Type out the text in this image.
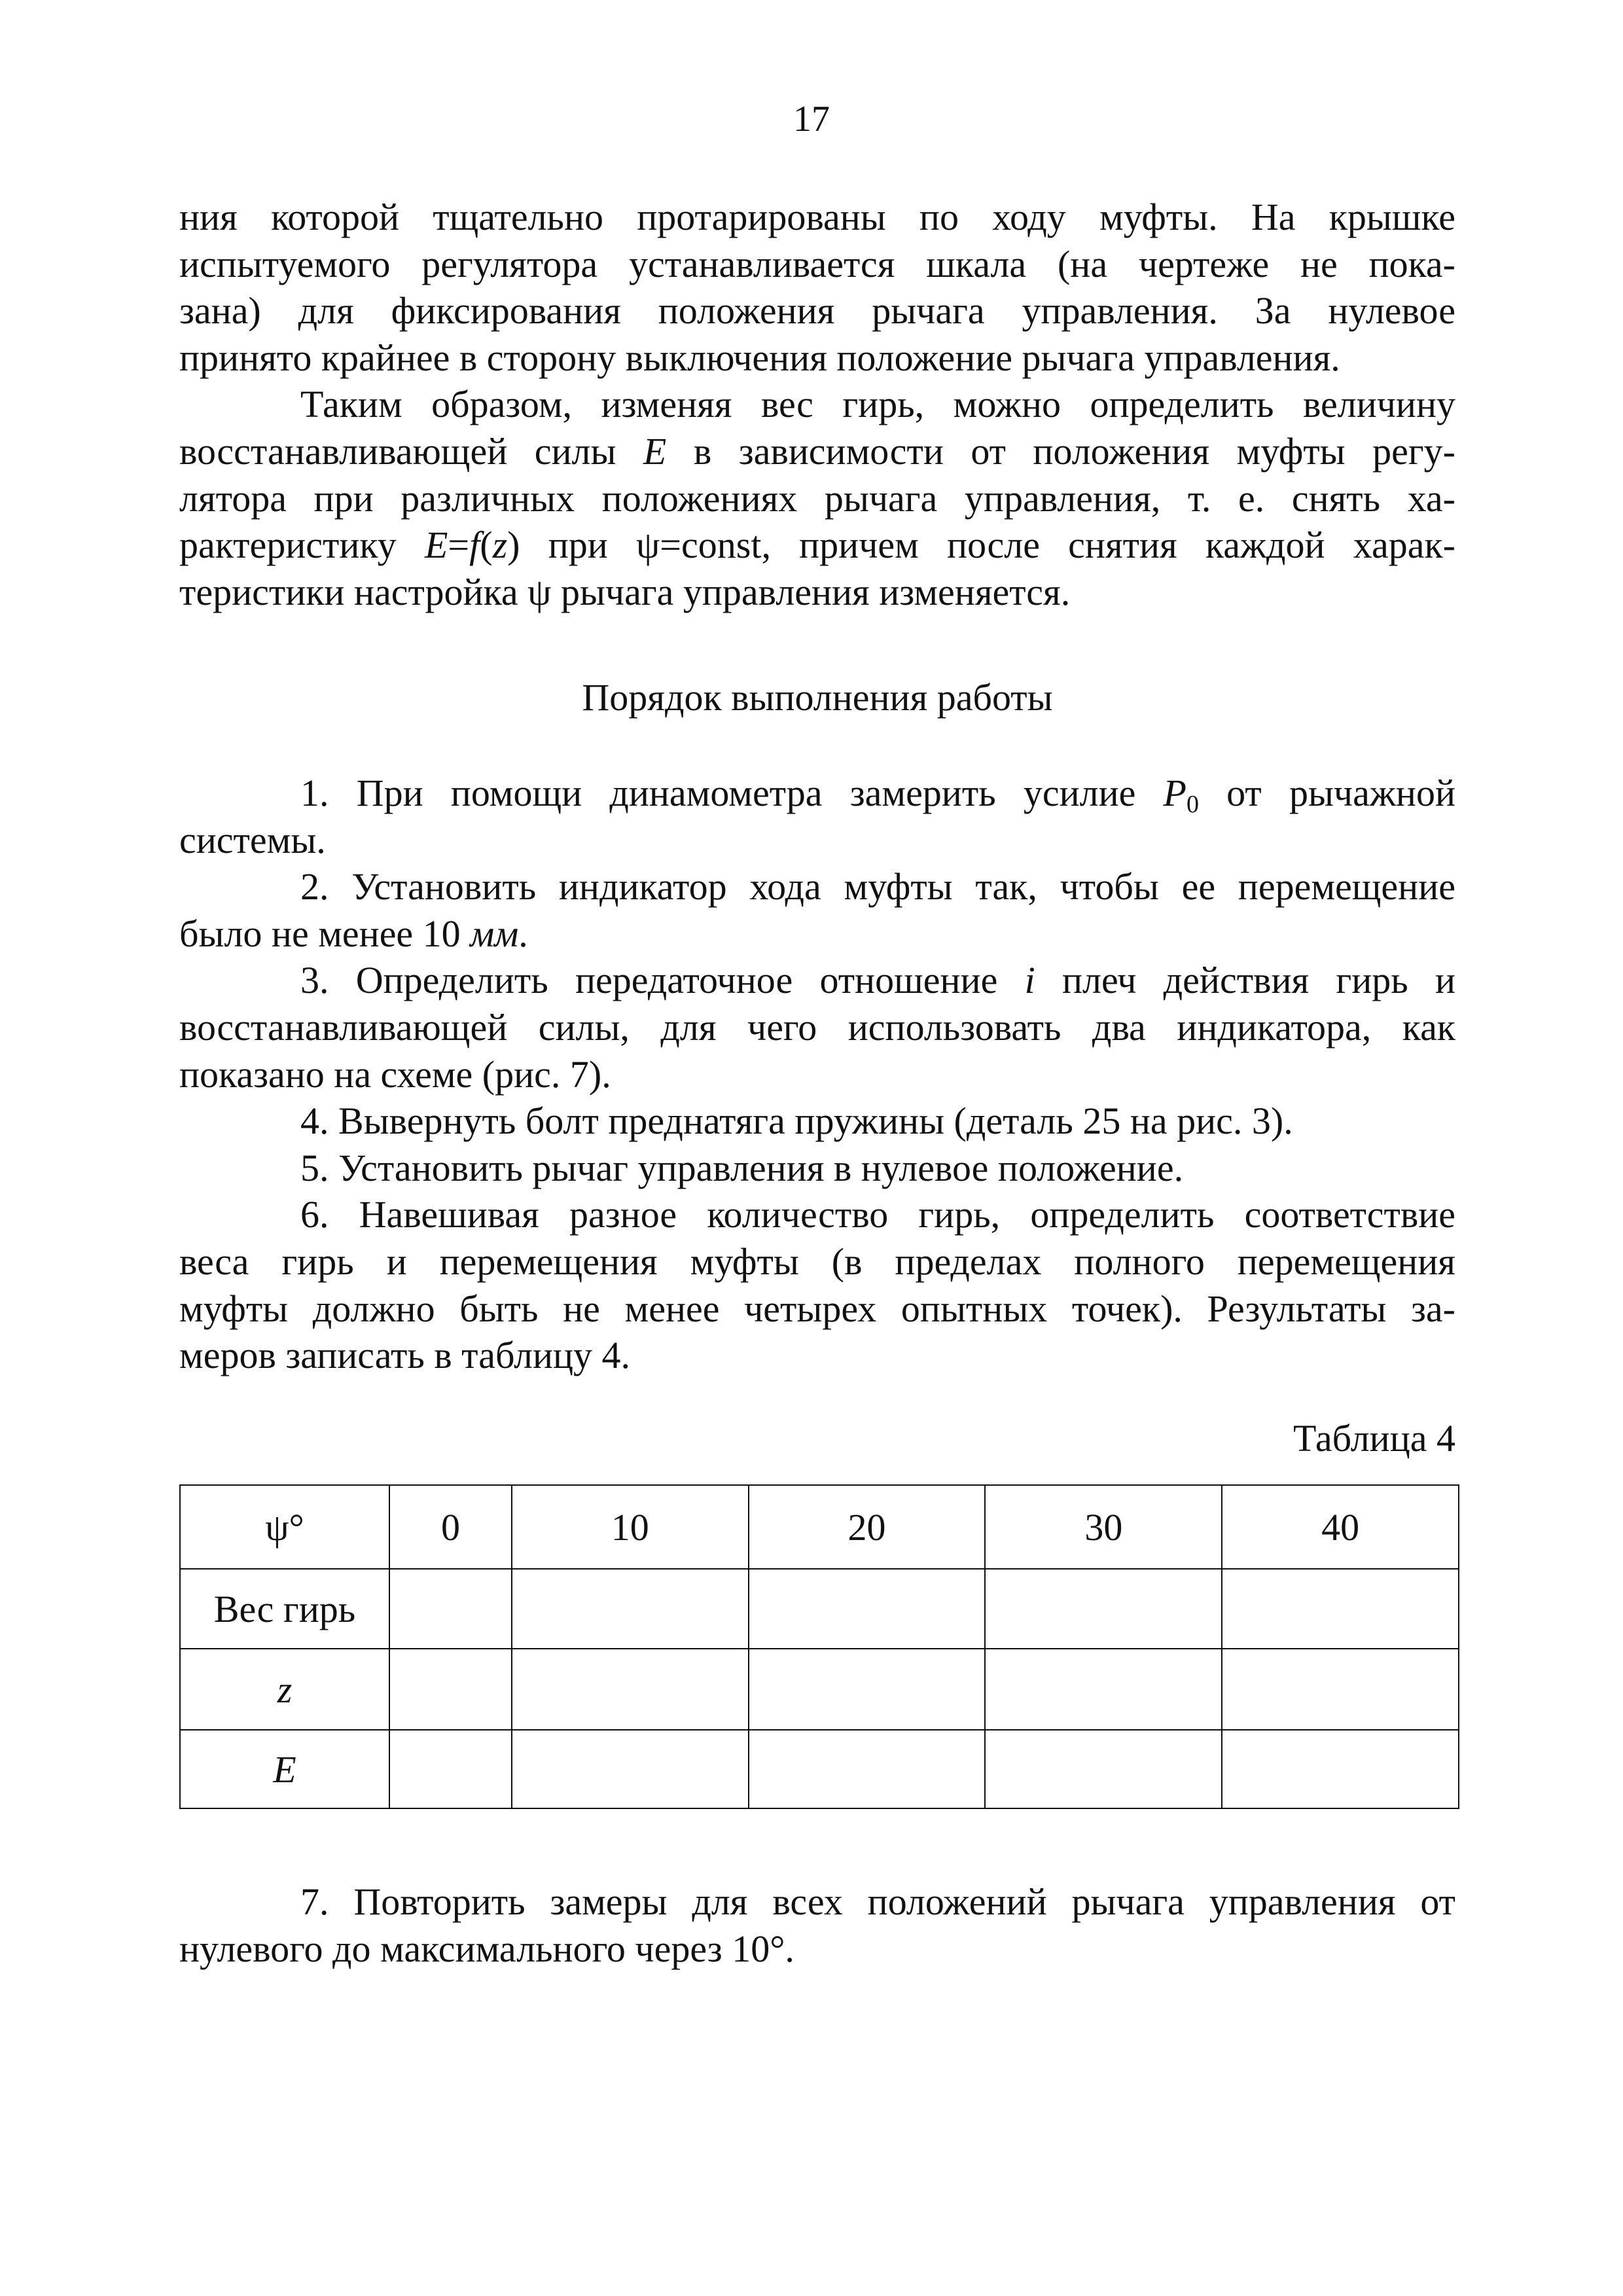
17
ния которой тщательно протарированы по ходу муфты. На крышке
испытуемого регулятора устанавливается шкала (на чертеже не пока-
зана) для фиксирования положения рычага управления. За нулевое
принято крайнее в сторону выключения положение рычага управления.
Таким образом, изменяя вес гирь, можно определить величину
восстанавливающей силы E в зависимости от положения муфты регу-
лятора при различных положениях рычага управления, т. е. снять ха-
рактеристику E=f(z) при ψ=const, причем после снятия каждой харак-
теристики настройка ψ рычага управления изменяется.
Порядок выполнения работы
1. При помощи динамометра замерить усилие $P_0$ от рычажной
системы.
2. Установить индикатор хода муфты так, чтобы ее перемещение
было не менее 10 мм.
3. Определить передаточное отношение i плеч действия гирь и
восстанавливающей силы, для чего использовать два индикатора, как
показано на схеме (рис. 7).
4. Вывернуть болт преднатяга пружины (деталь 25 на рис. 3).
5. Установить рычаг управления в нулевое положение.
6. Навешивая разное количество гирь, определить соответствие
веса гирь и перемещения муфты (в пределах полного перемещения
муфты должно быть не менее четырех опытных точек). Результаты за-
меров записать в таблицу 4.
Таблица 4
ψ°	0	10	20	30	40
Вес гирь					
z					
E					
7. Повторить замеры для всех положений рычага управления от
нулевого до максимального через 10°.
